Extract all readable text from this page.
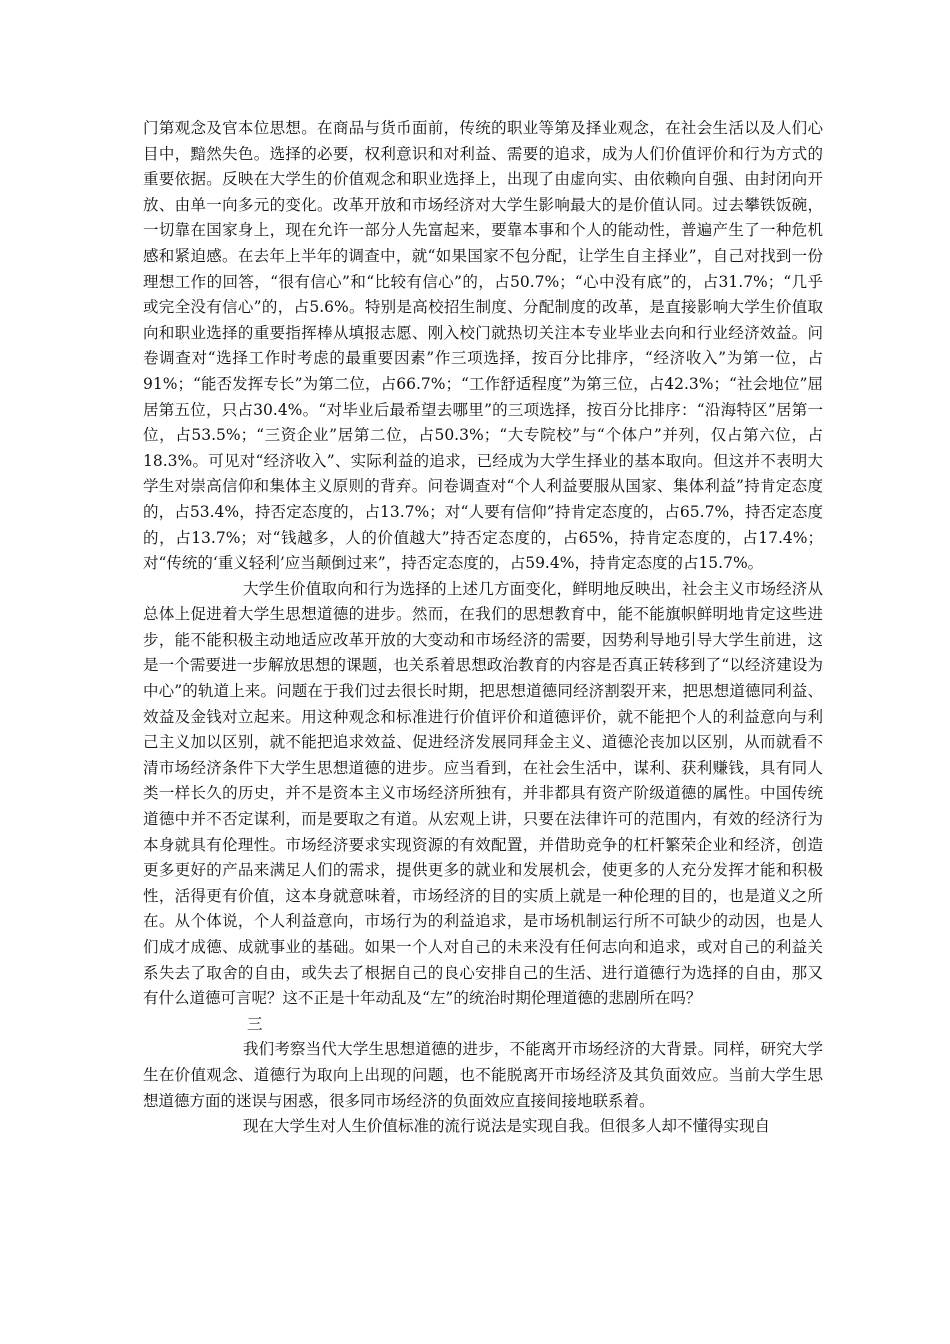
门第观念及官本位思想。在商品与货币面前，传统的职业等第及择业观念，在社会生活以及人们心目中，黯然失色。选择的必要，权利意识和对利益、需要的追求，成为人们价值评价和行为方式的重要依据。反映在大学生的价值观念和职业选择上，出现了由虚向实、由依赖向自强、由封闭向开放、由单一向多元的变化。改革开放和市场经济对大学生影响最大的是价值认同。过去攀铁饭碗，一切靠在国家身上，现在允许一部分人先富起来，要靠本事和个人的能动性，普遍产生了一种危机感和紧迫感。在去年上半年的调查中，就“如果国家不包分配，让学生自主择业”，自己对找到一份理想工作的回答，“很有信心”和“比较有信心”的，占50.7%；“心中没有底”的，占31.7%；“几乎或完全没有信心”的，占5.6%。特别是高校招生制度、分配制度的改革，是直接影响大学生价值取向和职业选择的重要指挥棒从填报志愿、刚入校门就热切关注本专业毕业去向和行业经济效益。问卷调查对“选择工作时考虑的最重要因素”作三项选择，按百分比排序，“经济收入”为第一位，占91%；“能否发挥专长”为第二位，占66.7%；“工作舒适程度”为第三位，占42.3%；“社会地位”屈居第五位，只占30.4%。“对毕业后最希望去哪里”的三项选择，按百分比排序：“沿海特区”居第一位，占53.5%；“三资企业”居第二位，占50.3%；“大专院校”与“个体户”并列，仅占第六位，占18.3%。可见对“经济收入”、实际利益的追求，已经成为大学生择业的基本取向。但这并不表明大学生对崇高信仰和集体主义原则的背弃。问卷调查对“个人利益要服从国家、集体利益”持肯定态度的，占53.4%，持否定态度的，占13.7%；对“人要有信仰”持肯定态度的，占65.7%，持否定态度的，占13.7%；对“钱越多，人的价值越大”持否定态度的，占65%，持肯定态度的，占17.4%；对“传统的‘重义轻利’应当颠倒过来”，持否定态度的，占59.4%，持肯定态度的占15.7%。

大学生价值取向和行为选择的上述几方面变化，鲜明地反映出，社会主义市场经济从总体上促进着大学生思想道德的进步。然而，在我们的思想教育中，能不能旗帜鲜明地肯定这些进步，能不能积极主动地适应改革开放的大变动和市场经济的需要，因势利导地引导大学生前进，这是一个需要进一步解放思想的课题，也关系着思想政治教育的内容是否真正转移到了“以经济建设为中心”的轨道上来。问题在于我们过去很长时期，把思想道德同经济割裂开来，把思想道德同利益、效益及金钱对立起来。用这种观念和标准进行价值评价和道德评价，就不能把个人的利益意向与利己主义加以区别，就不能把追求效益、促进经济发展同拜金主义、道德沦丧加以区别，从而就看不清市场经济条件下大学生思想道德的进步。应当看到，在社会生活中，谋利、获利赚钱，具有同人类一样长久的历史，并不是资本主义市场经济所独有，并非都具有资产阶级道德的属性。中国传统道德中并不否定谋利，而是要取之有道。从宏观上讲，只要在法律许可的范围内，有效的经济行为本身就具有伦理性。市场经济要求实现资源的有效配置，并借助竞争的杠杆繁荣企业和经济，创造更多更好的产品来满足人们的需求，提供更多的就业和发展机会，使更多的人充分发挥才能和积极性，活得更有价值，这本身就意味着，市场经济的目的实质上就是一种伦理的目的，也是道义之所在。从个体说，个人利益意向，市场行为的利益追求，是市场机制运行所不可缺少的动因，也是人们成才成德、成就事业的基础。如果一个人对自己的未来没有任何志向和追求，或对自己的利益关系失去了取舍的自由，或失去了根据自己的良心安排自己的生活、进行道德行为选择的自由，那又有什么道德可言呢？这不正是十年动乱及“左”的统治时期伦理道德的悲剧所在吗？

三

我们考察当代大学生思想道德的进步，不能离开市场经济的大背景。同样，研究大学生在价值观念、道德行为取向上出现的问题，也不能脱离开市场经济及其负面效应。当前大学生思想道德方面的迷误与困惑，很多同市场经济的负面效应直接间接地联系着。

现在大学生对人生价值标准的流行说法是实现自我。但很多人却不懂得实现自
